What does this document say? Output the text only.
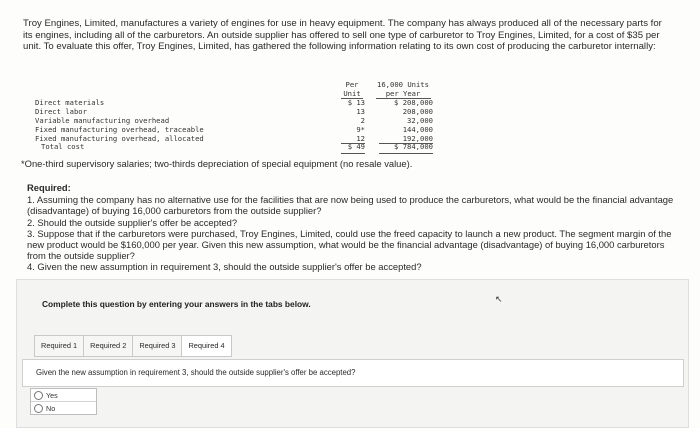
Troy Engines, Limited, manufactures a variety of engines for use in heavy equipment. The company has always produced all of the necessary parts for its engines, including all of the carburetors. An outside supplier has offered to sell one type of carburetor to Troy Engines, Limited, for a cost of $35 per unit. To evaluate this offer, Troy Engines, Limited, has gathered the following information relating to its own cost of producing the carburetor internally:
Per
Unit
16,000 Units
per Year
Direct materials	$ 13	$ 208,000
Direct labor	13	208,000
Variable manufacturing overhead	2	32,000
Fixed manufacturing overhead, traceable	9*	144,000
Fixed manufacturing overhead, allocated	12	192,000
Total cost	$ 49	$ 784,000
*One-third supervisory salaries; two-thirds depreciation of special equipment (no resale value).
Required:
1. Assuming the company has no alternative use for the facilities that are now being used to produce the carburetors, what would be the financial advantage (disadvantage) of buying 16,000 carburetors from the outside supplier?
2. Should the outside supplier's offer be accepted?
3. Suppose that if the carburetors were purchased, Troy Engines, Limited, could use the freed capacity to launch a new product. The segment margin of the new product would be $160,000 per year. Given this new assumption, what would be the financial advantage (disadvantage) of buying 16,000 carburetors from the outside supplier?
4. Given the new assumption in requirement 3, should the outside supplier's offer be accepted?
Complete this question by entering your answers in the tabs below.	↖
Required 1	Required 2	Required 3	Required 4
Given the new assumption in requirement 3, should the outside supplier's offer be accepted?
Yes
No
